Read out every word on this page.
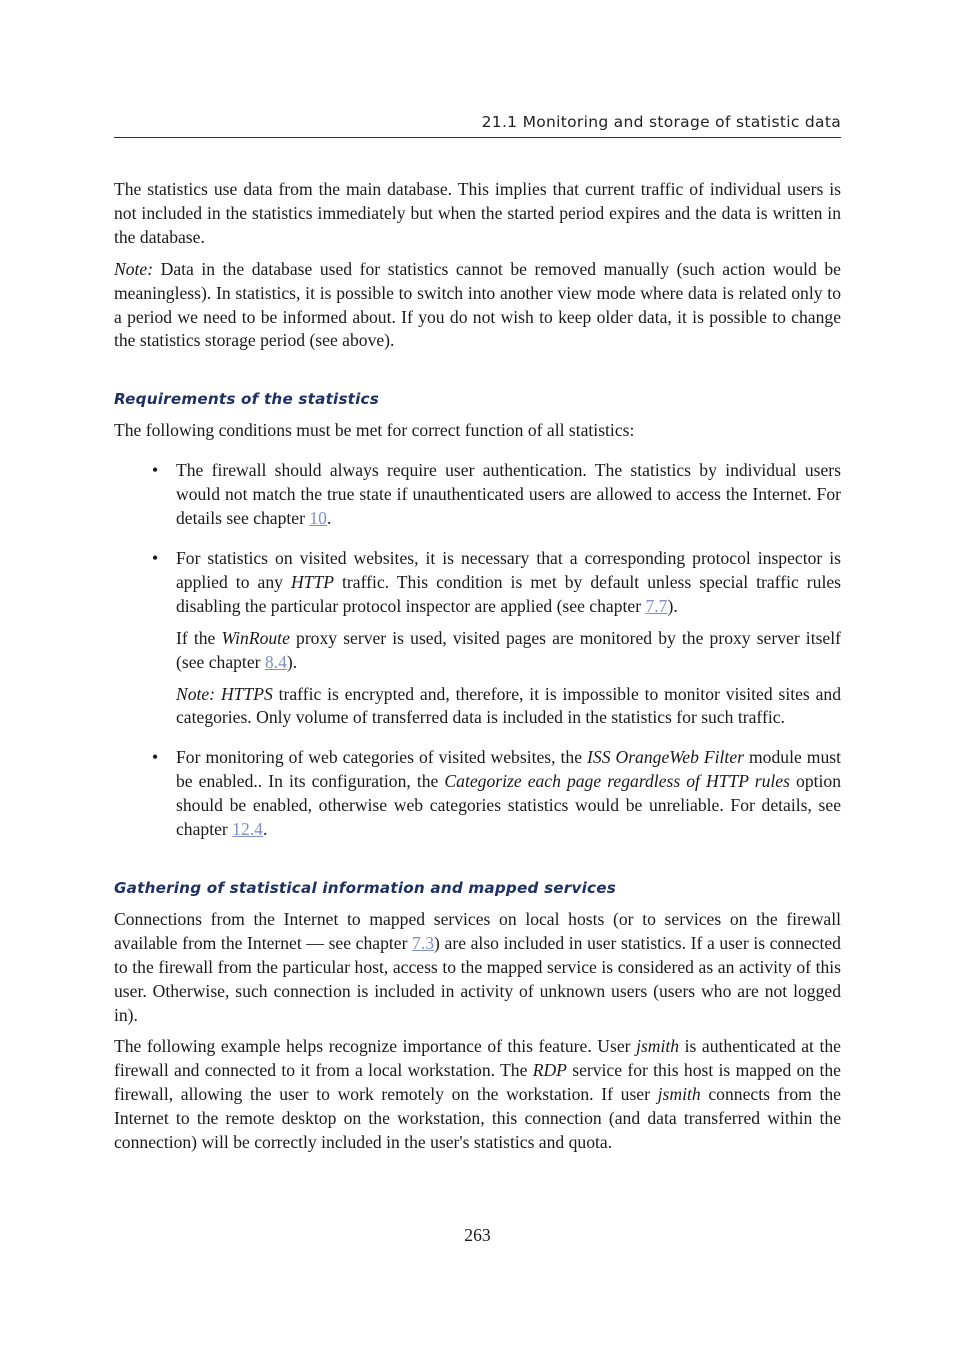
21.1 Monitoring and storage of statistic data

The statistics use data from the main database. This implies that current traffic of individual users is not included in the statistics immediately but when the started period expires and the data is written in the database.

Note: Data in the database used for statistics cannot be removed manually (such action would be meaningless). In statistics, it is possible to switch into another view mode where data is related only to a period we need to be informed about. If you do not wish to keep older data, it is possible to change the statistics storage period (see above).

Requirements of the statistics

The following conditions must be met for correct function of all statistics:

• The firewall should always require user authentication. The statistics by individual users would not match the true state if unauthenticated users are allowed to access the Internet. For details see chapter 10.

• For statistics on visited websites, it is necessary that a corresponding protocol inspector is applied to any HTTP traffic. This condition is met by default unless special traffic rules disabling the particular protocol inspector are applied (see chapter 7.7).

If the WinRoute proxy server is used, visited pages are monitored by the proxy server itself (see chapter 8.4).

Note: HTTPS traffic is encrypted and, therefore, it is impossible to monitor visited sites and categories. Only volume of transferred data is included in the statistics for such traffic.

• For monitoring of web categories of visited websites, the ISS OrangeWeb Filter module must be enabled.. In its configuration, the Categorize each page regardless of HTTP rules option should be enabled, otherwise web categories statistics would be unreliable. For details, see chapter 12.4.

Gathering of statistical information and mapped services

Connections from the Internet to mapped services on local hosts (or to services on the firewall available from the Internet — see chapter 7.3) are also included in user statistics. If a user is connected to the firewall from the particular host, access to the mapped service is considered as an activity of this user. Otherwise, such connection is included in activity of unknown users (users who are not logged in).

The following example helps recognize importance of this feature. User jsmith is authenticated at the firewall and connected to it from a local workstation. The RDP service for this host is mapped on the firewall, allowing the user to work remotely on the workstation. If user jsmith connects from the Internet to the remote desktop on the workstation, this connection (and data transferred within the connection) will be correctly included in the user's statistics and quota.

263
